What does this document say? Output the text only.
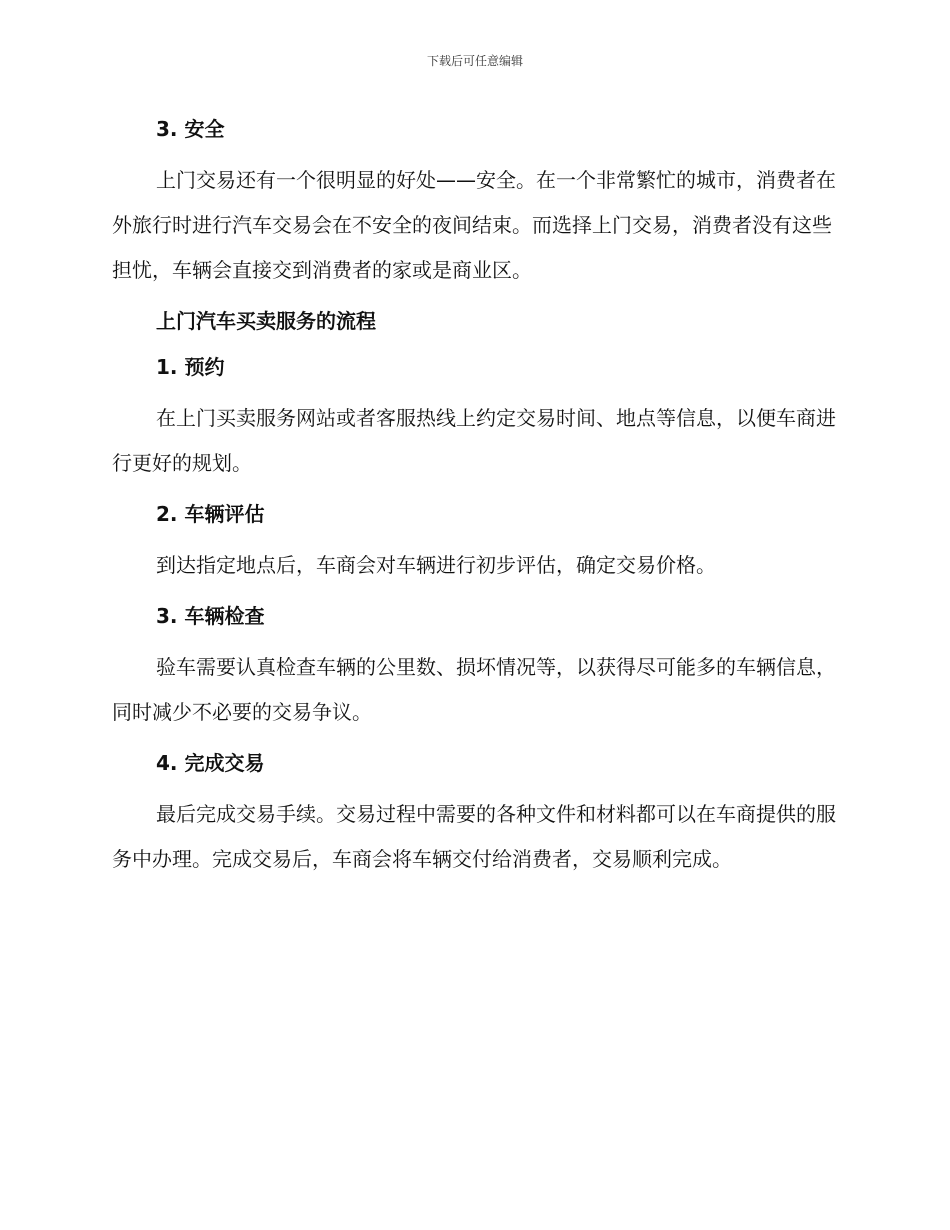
下载后可任意编辑
3. 安全

上门交易还有一个很明显的好处——安全。在一个非常繁忙的城市，消费者在外旅行时进行汽车交易会在不安全的夜间结束。而选择上门交易，消费者没有这些担忧，车辆会直接交到消费者的家或是商业区。

上门汽车买卖服务的流程
1. 预约

在上门买卖服务网站或者客服热线上约定交易时间、地点等信息，以便车商进行更好的规划。

2. 车辆评估

到达指定地点后，车商会对车辆进行初步评估，确定交易价格。

3. 车辆检查

验车需要认真检查车辆的公里数、损坏情况等，以获得尽可能多的车辆信息，同时减少不必要的交易争议。

4. 完成交易

最后完成交易手续。交易过程中需要的各种文件和材料都可以在车商提供的服务中办理。完成交易后，车商会将车辆交付给消费者，交易顺利完成。
